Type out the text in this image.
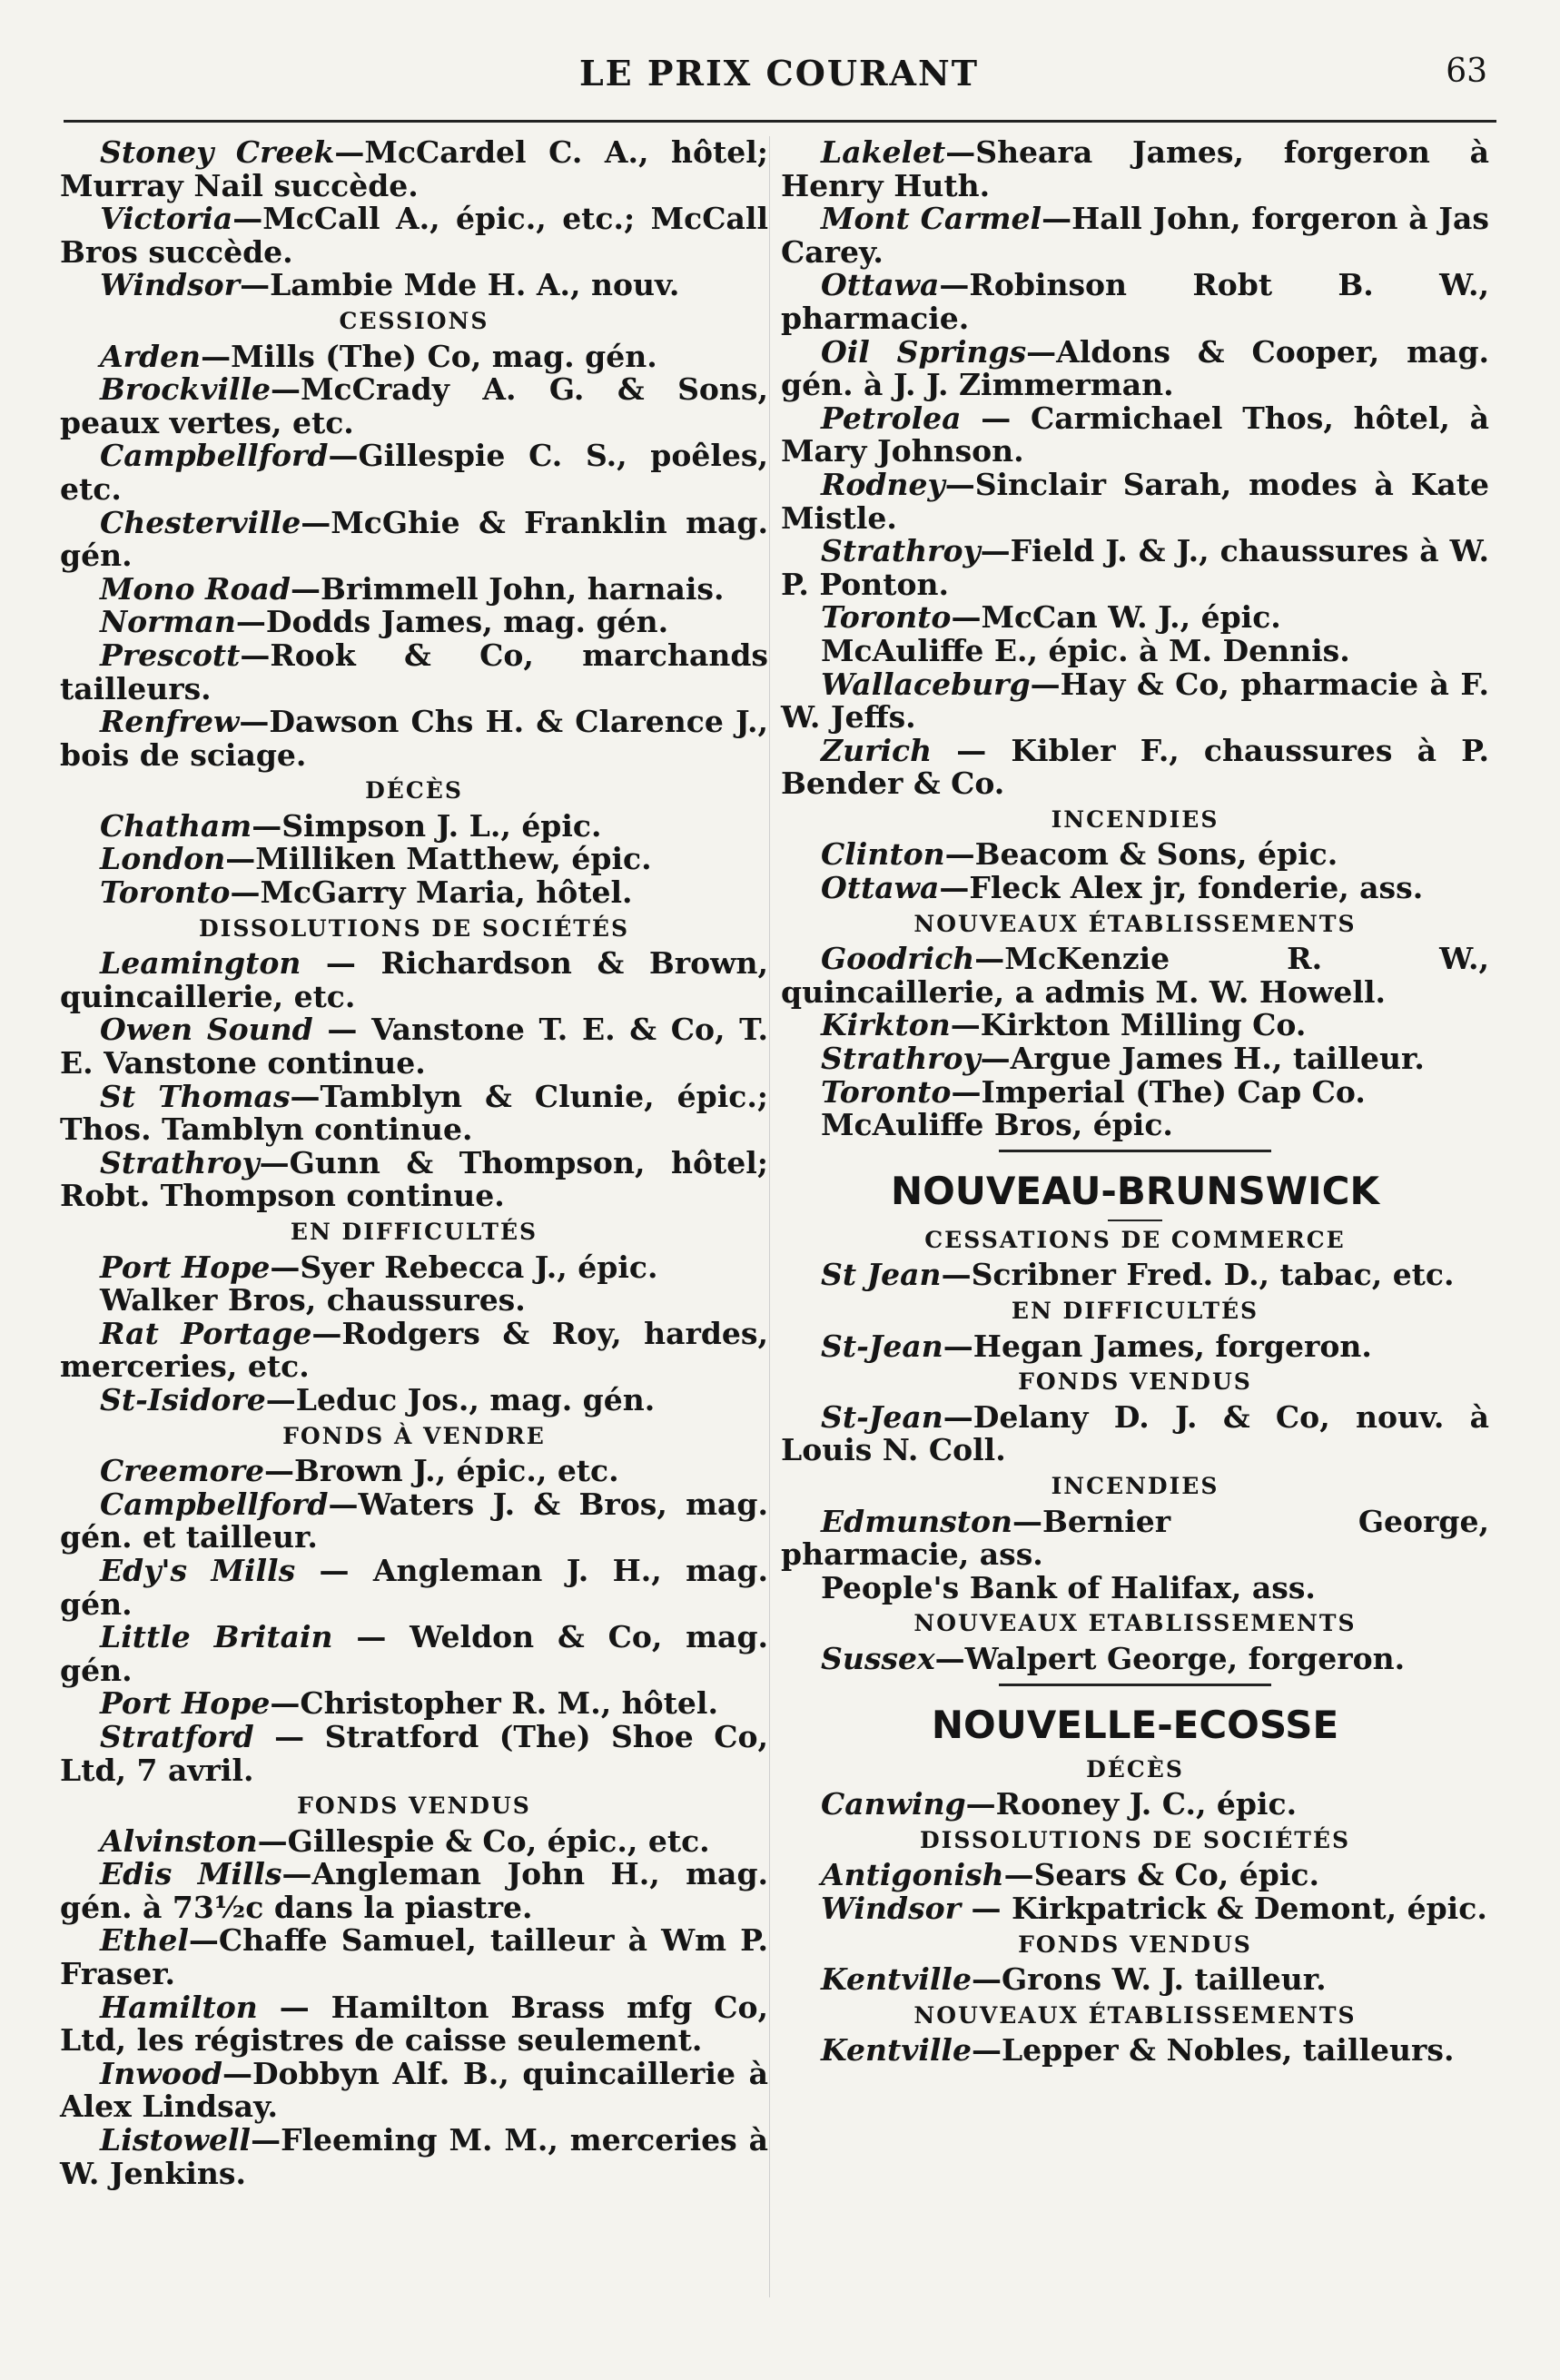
LE PRIX COURANT	63

Stoney Creek—McCardel C. A., hôtel; Murray Nail succède.

Victoria—McCall A., épic., etc.; McCall Bros succède.

Windsor—Lambie Mde H. A., nouv.

CESSIONS

Arden—Mills (The) Co, mag. gén.

Brockville—McCrady A. G. & Sons, peaux vertes, etc.

Campbellford—Gillespie C. S., poêles, etc.

Chesterville—McGhie & Franklin mag. gén.

Mono Road—Brimmell John, harnais.

Norman—Dodds James, mag. gén.

Prescott—Rook & Co, marchands tailleurs.

Renfrew—Dawson Chs H. & Clarence J., bois de sciage.

DÉCÈS

Chatham—Simpson J. L., épic.

London—Milliken Matthew, épic.

Toronto—McGarry Maria, hôtel.

DISSOLUTIONS DE SOCIÉTÉS

Leamington — Richardson & Brown, quincaillerie, etc.

Owen Sound — Vanstone T. E. & Co, T. E. Vanstone continue.

St Thomas—Tamblyn & Clunie, épic.; Thos. Tamblyn continue.

Strathroy—Gunn & Thompson, hôtel; Robt. Thompson continue.

EN DIFFICULTÉS

Port Hope—Syer Rebecca J., épic.

Walker Bros, chaussures.

Rat Portage—Rodgers & Roy, hardes, merceries, etc.

St-Isidore—Leduc Jos., mag. gén.

FONDS À VENDRE

Creemore—Brown J., épic., etc.

Campbellford—Waters J. & Bros, mag. gén. et tailleur.

Edy's Mills — Angleman J. H., mag. gén.

Little Britain — Weldon & Co, mag. gén.

Port Hope—Christopher R. M., hôtel.

Stratford — Stratford (The) Shoe Co, Ltd, 7 avril.

FONDS VENDUS

Alvinston—Gillespie & Co, épic., etc.

Edis Mills—Angleman John H., mag. gén. à 73½c dans la piastre.

Ethel—Chaffe Samuel, tailleur à Wm P. Fraser.

Hamilton — Hamilton Brass mfg Co, Ltd, les régistres de caisse seulement.

Inwood—Dobbyn Alf. B., quincaillerie à Alex Lindsay.

Listowell—Fleeming M. M., merceries à W. Jenkins.

Lakelet—Sheara James, forgeron à Henry Huth.

Mont Carmel—Hall John, forgeron à Jas Carey.

Ottawa—Robinson Robt B. W., pharmacie.

Oil Springs—Aldons & Cooper, mag. gén. à J. J. Zimmerman.

Petrolea — Carmichael Thos, hôtel, à Mary Johnson.

Rodney—Sinclair Sarah, modes à Kate Mistle.

Strathroy—Field J. & J., chaussures à W. P. Ponton.

Toronto—McCan W. J., épic.

McAuliffe E., épic. à M. Dennis.

Wallaceburg—Hay & Co, pharmacie à F. W. Jeffs.

Zurich — Kibler F., chaussures à P. Bender & Co.

INCENDIES

Clinton—Beacom & Sons, épic.

Ottawa—Fleck Alex jr, fonderie, ass.

NOUVEAUX ÉTABLISSEMENTS

Goodrich—McKenzie R. W., quincaillerie, a admis M. W. Howell.

Kirkton—Kirkton Milling Co.

Strathroy—Argue James H., tailleur.

Toronto—Imperial (The) Cap Co.

McAuliffe Bros, épic.

NOUVEAU-BRUNSWICK
CESSATIONS DE COMMERCE

St Jean—Scribner Fred. D., tabac, etc.

EN DIFFICULTÉS

St-Jean—Hegan James, forgeron.

FONDS VENDUS

St-Jean—Delany D. J. & Co, nouv. à Louis N. Coll.

INCENDIES

Edmunston—Bernier George, pharmacie, ass.

People's Bank of Halifax, ass.

NOUVEAUX ETABLISSEMENTS

Sussex—Walpert George, forgeron.

NOUVELLE-ECOSSE
DÉCÈS

Canwing—Rooney J. C., épic.

DISSOLUTIONS DE SOCIÉTÉS

Antigonish—Sears & Co, épic.

Windsor — Kirkpatrick & Demont, épic.

FONDS VENDUS

Kentville—Grons W. J. tailleur.

NOUVEAUX ÉTABLISSEMENTS

Kentville—Lepper & Nobles, tailleurs.
